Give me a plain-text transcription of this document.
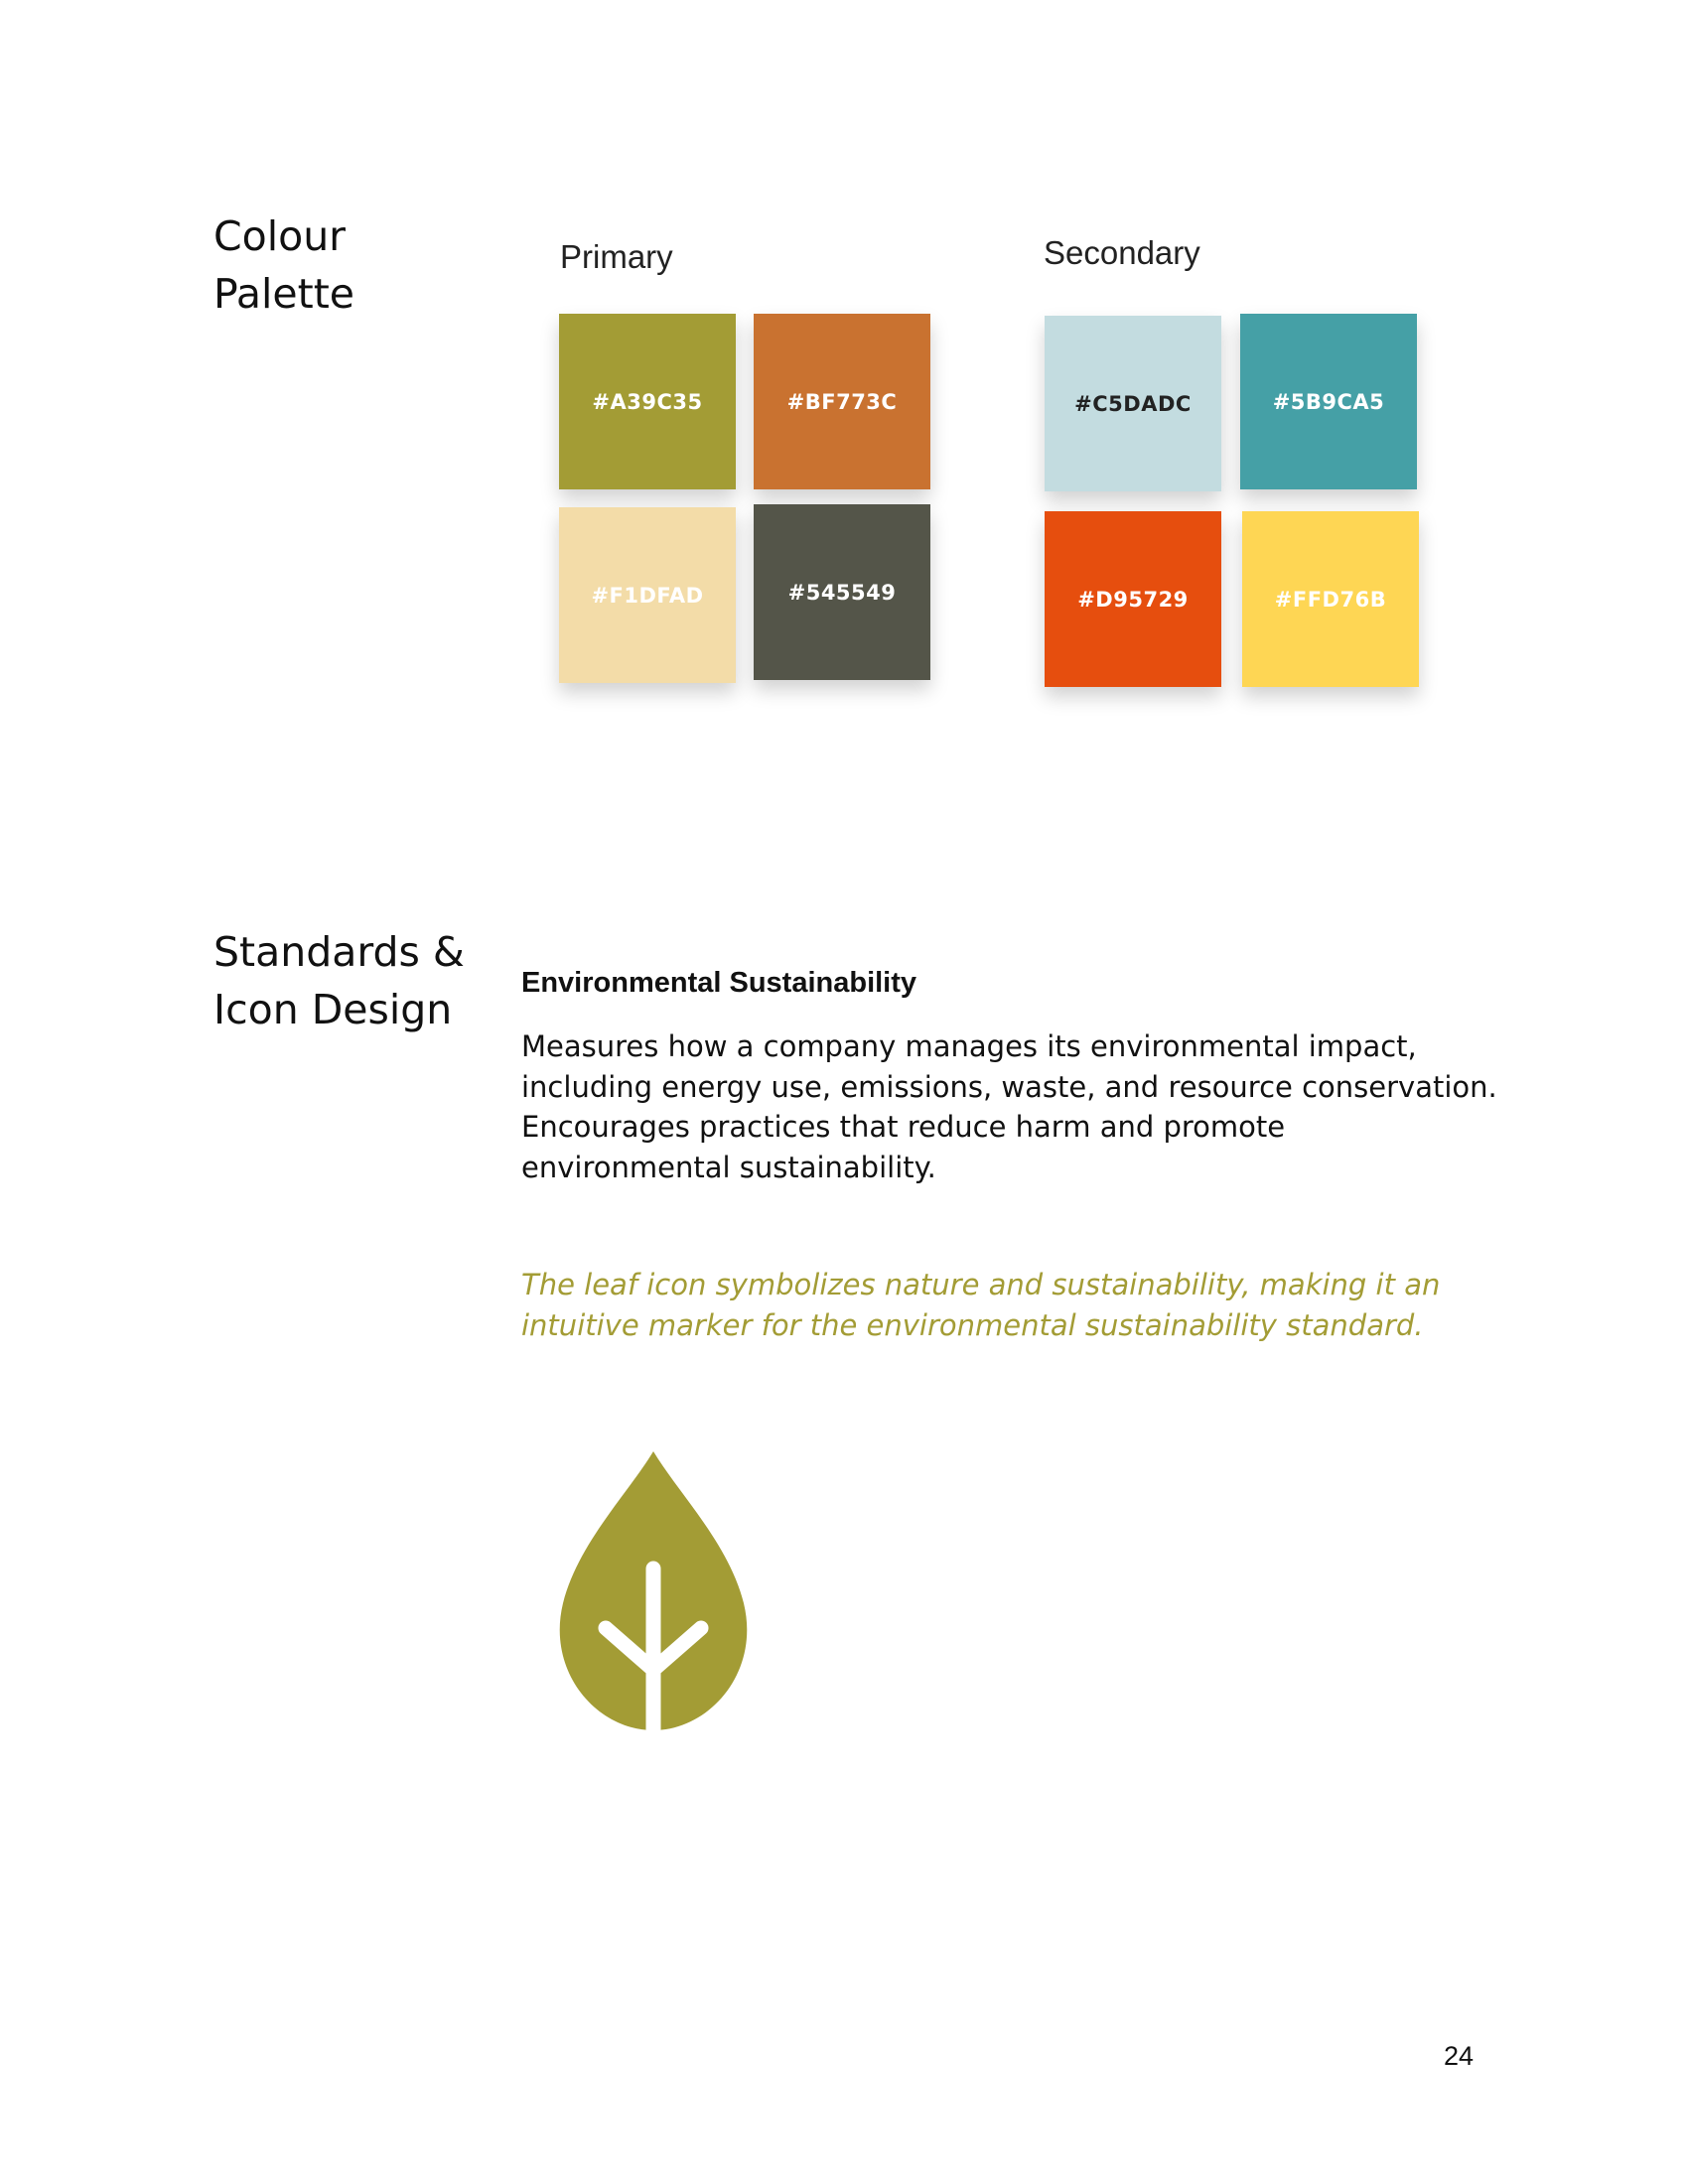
Colour
Palette
Primary	Secondary
#A39C35	#BF773C
#F1DFAD	#545549
#C5DADC	#5B9CA5
#D95729	#FFD76B
Standards &
Icon Design
Environmental Sustainability
Measures how a company manages its environmental impact,
including energy use, emissions, waste, and resource conservation.
Encourages practices that reduce harm and promote
environmental sustainability.
The leaf icon symbolizes nature and sustainability, making it an
intuitive marker for the environmental sustainability standard.
24
